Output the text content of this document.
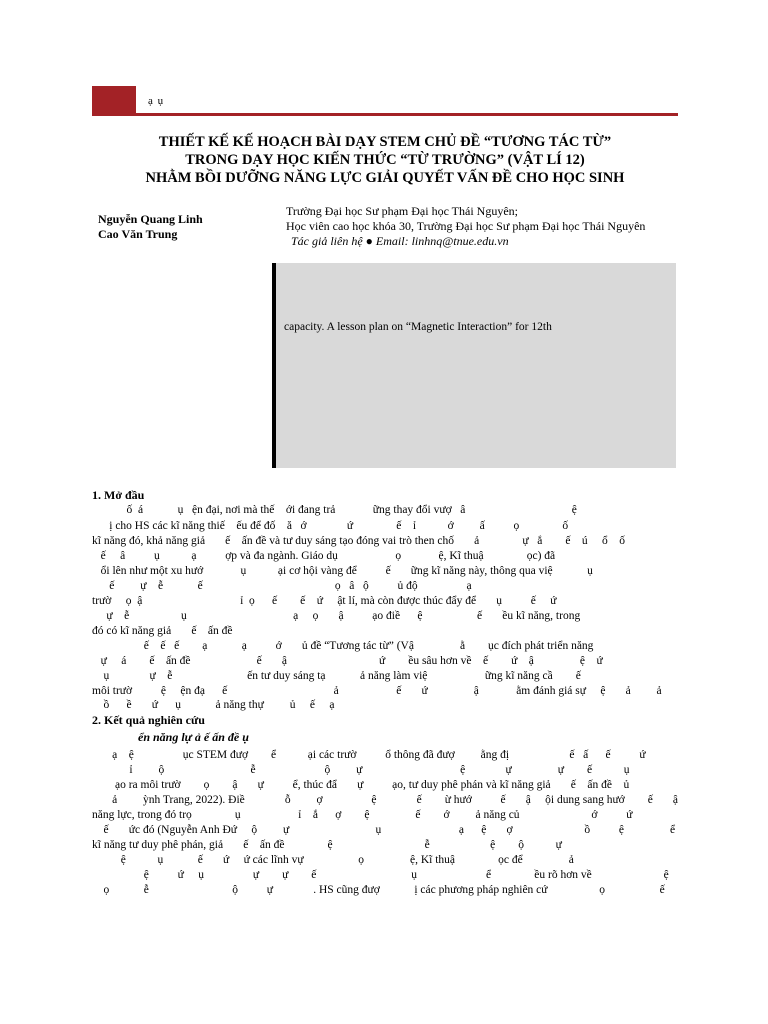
ạ ụ
THIẾT KẾ KẾ HOẠCH BÀI DẠY STEM CHỦ ĐỀ “TƯƠNG TÁC TỪ”
TRONG DẠY HỌC KIẾN THỨC “TỪ TRƯỜNG” (VẬT LÍ 12)
NHẰM BỒI DƯỠNG NĂNG LỰC GIẢI QUYẾT VẤN ĐỀ CHO HỌC SINH
Nguyễn Quang Linh
Cao Văn Trung
Trường Đại học Sư phạm Đại học Thái Nguyên;
Học viên cao học khóa 30, Trường Đại học Sư phạm Đại học Thái Nguyên
Tác giả liên hệ ● Email: linhnq@tnue.edu.vn
capacity. A lesson plan on “Magnetic Interaction” for 12th
1. Mở đầu
ố  á            ụ   ện đại, nơi mà thế    ới đang trả             ững thay đổi vượ   â                                     ệ
ị cho HS các kĩ năng thiế    ếu để đố    ă   ớ              ứ               ế    ỉ           ớ         ấ          ọ               ố
kĩ năng đó, khả năng giả       ế    ấn đề và tư duy sáng tạo đóng vai trò then chố       ả               ự   ắ        ế    ú     ổ    ố
ế     â          ụ           ạ          ợp và đa ngành. Giáo dụ                    ọ             ệ, Kĩ thuậ               ọc) đã
ổi lên như một xu hướ             ụ           ại cơ hội vàng để          ế       ững kĩ năng này, thông qua việ            ụ
ế         ự    ễ            ế                                              ọ   â   ộ          ủ độ                 ạ
trườ     ọ  ậ                                  ỉ  ọ      ế        ế    ứ     ật lí, mà còn được thúc đẩy để       ụ          ế     ứ
ự    ễ                  ụ                                     ạ     ọ       ậ          ạo điề      ệ                   ế       ều kĩ năng, trong
đó có kĩ năng giả       ế    ấn đề
ế    ế   ế        ạ            ạ          ớ       ủ đề “Tương tác từ” (Vậ                ằ        ục đích phát triển năng
ự     á        ế    ấn đề                       ế       ậ                                ứ        ều sâu hơn về    ế        ứ    ậ                ệ    ứ
ụ              ự    ễ                          ến tư duy sáng tạ            ả năng làm việ                    ững kĩ năng cầ        ế
môi trườ          ệ     ện đạ      ế                                     ả                    ế       ứ                ậ             ằm đánh giá sự     ệ       ả         ả
ồ      ề       ứ      ụ            ả năng thự         ủ     ế     ạ
2. Kết quả nghiên cứu
ển năng lự ả ế ấn đề ụ
ạ    ệ                 ục STEM đượ        ể           ại các trườ          ổ thông đã đượ         ằng đị                     ế   ấ      ế          ứ
ỉ         ộ                              ễ                        ộ         ự                                  ệ              ự                ự        ế           ụ
ạo ra môi trườ        ọ        ậ       ự          ể, thúc đẩ       ự          ạo, tư duy phê phán và kĩ năng giả       ế    ấn đề    ủ
ả         ỳnh Trang, 2022). Điề              ỗ         ợ                 ệ              ế        ừ hướ          ế       ậ     ội dung sang hướ        ế       ậ
năng lực, trong đó trọ               ụ                    ỉ    ắ      ợ        ệ                ế        ớ         ả năng củ                         ớ          ứ
ế       ức đó (Nguyễn Anh Đứ     ộ         ự                              ụ                           ạ      ệ       ợ                         ồ          ệ                ể
kĩ năng tư duy phê phán, giả       ế    ấn đề               ệ                                ễ                     ệ        ộ           ự
ệ           ụ            ế       ứ     ứ các lĩnh vự                   ọ                ệ, Kĩ thuậ               ọc để                ả
ệ          ứ     ụ                 ự        ự        ế                                 ụ                        ể               ều rõ hơn về                         ệ
ọ            ễ                             ộ          ự              . HS cũng đượ            ị các phương pháp nghiên cứ                  ọ                   ế
